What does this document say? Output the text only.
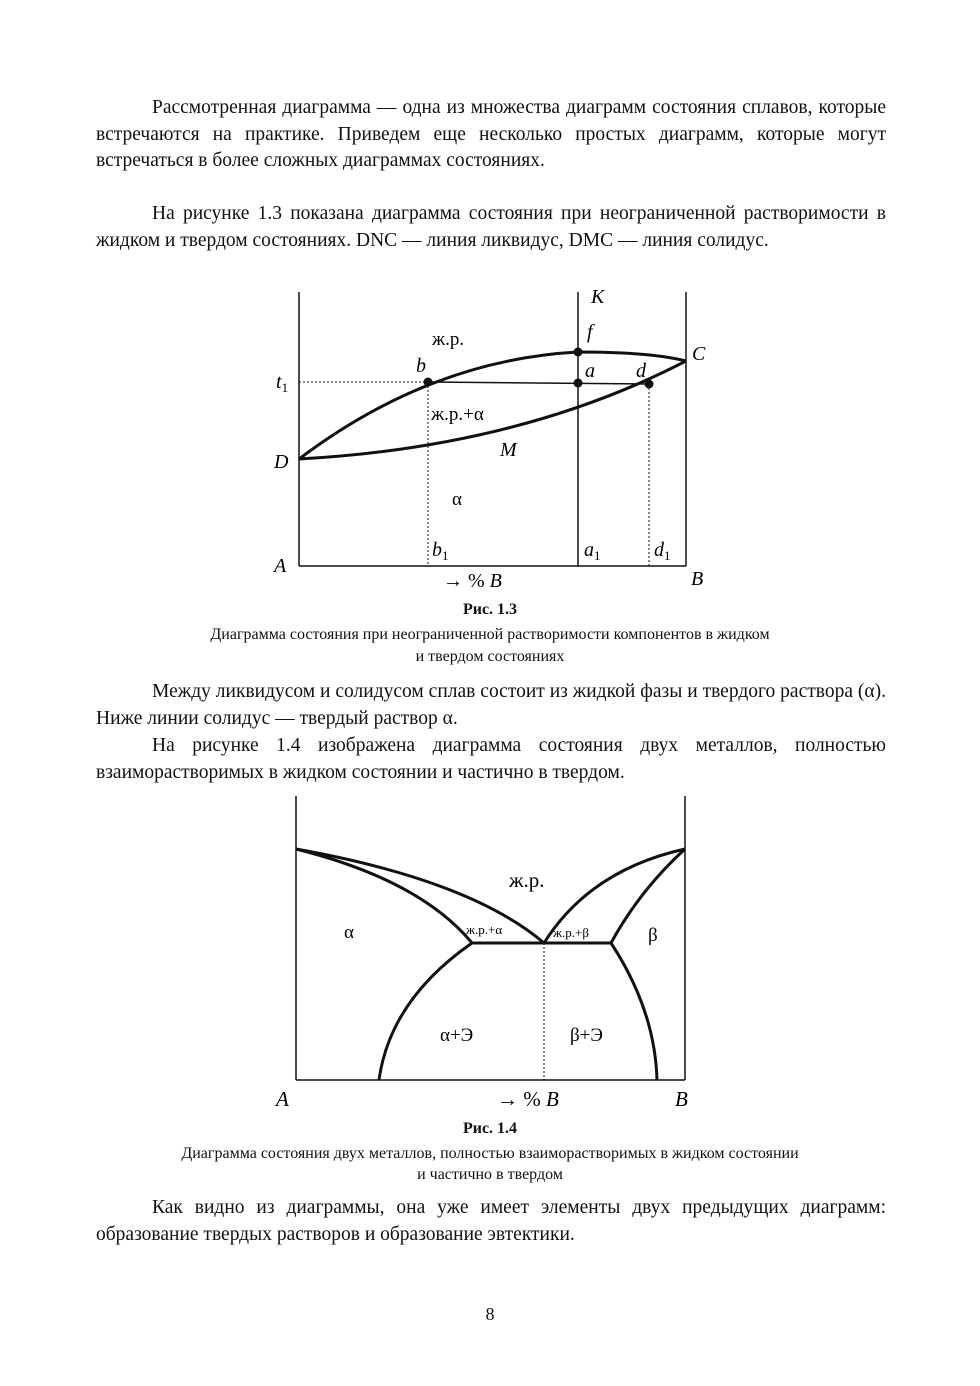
Рассмотренная диаграмма — одна из множества диаграмм состояния сплавов, которые встречаются на практике. Приведем еще несколько простых диаграмм, которые могут встречаться в более сложных диаграммах состояниях.

На рисунке 1.3 показана диаграмма состояния при неограниченной растворимости в жидком и твердом состояниях. DNC — линия ликвидус, DMC — линия солидус.

К
f
C
ж.р.
b	a d
$t_1$
ж.р.+α
M
D
α
A
$b_1$	$a_1$	$d_1$
→ % B	B
Рис. 1.3
Диаграмма состояния при неограниченной растворимости компонентов в жидком
и твердом состояниях

Между ликвидусом и солидусом сплав состоит из жидкой фазы и твердого раствора (α). Ниже линии солидус — твердый раствор α.

На рисунке 1.4 изображена диаграмма состояния двух металлов, полностью взаиморастворимых в жидком состоянии и частично в твердом.

ж.р.
α	β
ж.р.+α	ж.р.+β
α+Э	β+Э
A	→ % B	B
Рис. 1.4
Диаграмма состояния двух металлов, полностью взаиморастворимых в жидком состоянии
и частично в твердом

Как видно из диаграммы, она уже имеет элементы двух предыдущих диаграмм: образование твердых растворов и образование эвтектики.

8
